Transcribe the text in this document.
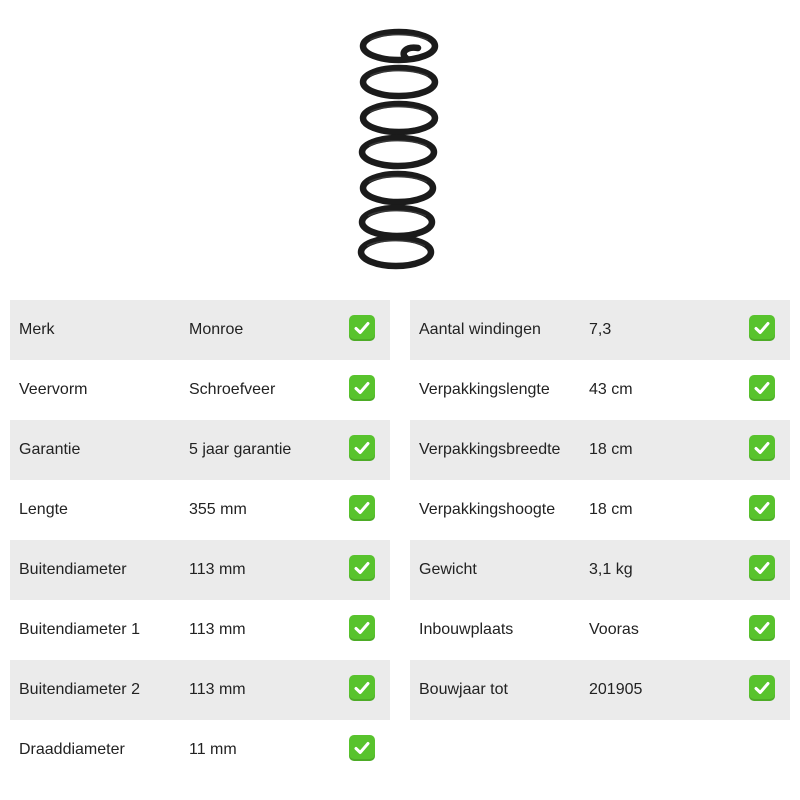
Merk	Monroe
Veervorm	Schroefveer
Garantie	5 jaar garantie
Lengte	355 mm
Buitendiameter	113 mm
Buitendiameter 1	113 mm
Buitendiameter 2	113 mm
Draaddiameter	11 mm
Aantal windingen	7,3
Verpakkingslengte 43 cm
Verpakkingsbreedte 18 cm
Verpakkingshoogte 18 cm
Gewicht	3,1 kg
Inbouwplaats	Vooras
Bouwjaar tot	201905
